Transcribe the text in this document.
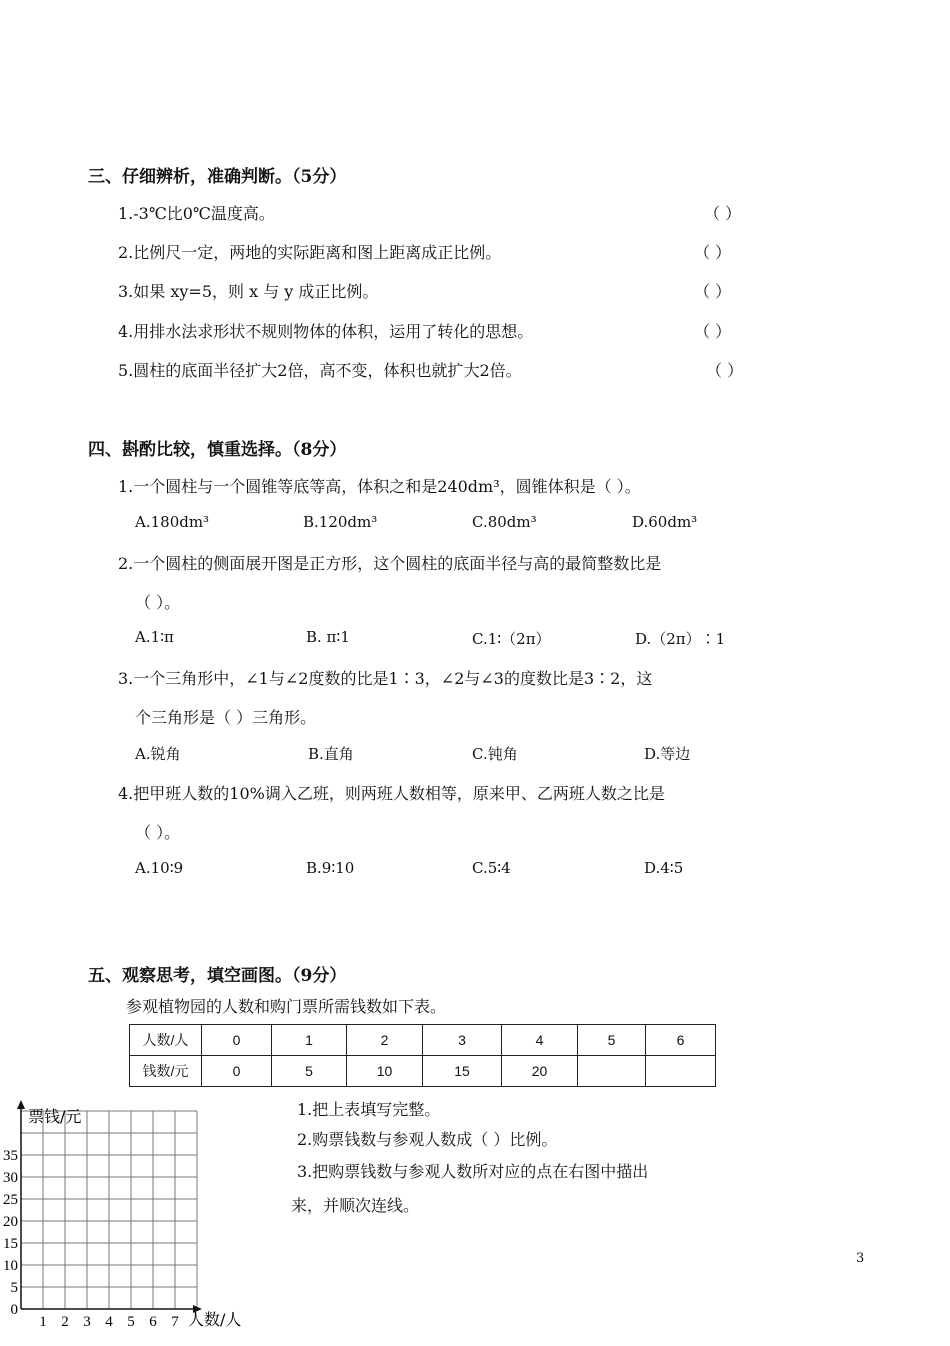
三、仔细辨析，准确判断。（5分）
1.-3℃比0℃温度高。	（ ）
2.比例尺一定，两地的实际距离和图上距离成正比例。	（ ）
3.如果 xy=5，则 x 与 y 成正比例。	（ ）
4.用排水法求形状不规则物体的体积，运用了转化的思想。	（ ）
5.圆柱的底面半径扩大2倍，高不变，体积也就扩大2倍。	（ ）
四、斟酌比较，慎重选择。（8分）
1.一个圆柱与一个圆锥等底等高，体积之和是240dm³，圆锥体积是（ ）。
A.180dm³	B.120dm³	C.80dm³	D.60dm³
2.一个圆柱的侧面展开图是正方形，这个圆柱的底面半径与高的最简整数比是
（ ）。
A.1∶π	B. π∶1	C.1∶（2π）	D.（2π）∶1
3.一个三角形中，∠1与∠2度数的比是1∶3，∠2与∠3的度数比是3∶2，这
个三角形是（ ）三角形。
A.锐角	B.直角	C.钝角	D.等边
4.把甲班人数的10%调入乙班，则两班人数相等，原来甲、乙两班人数之比是
（ ）。
A.10∶9	B.9∶10	C.5∶4	D.4∶5
五、观察思考，填空画图。（9分）
参观植物园的人数和购门票所需钱数如下表。
人数/人	0	1	2	3	4	5	6
钱数/元	0	5	10	15	20		
1.把上表填写完整。
2.购票钱数与参观人数成（ ）比例。
3.把购票钱数与参观人数所对应的点在右图中描出
来，并顺次连线。
票钱/元
人数/人
35
30
25
20
15
10
5
0
1 2 3 4 5 6 7
3
